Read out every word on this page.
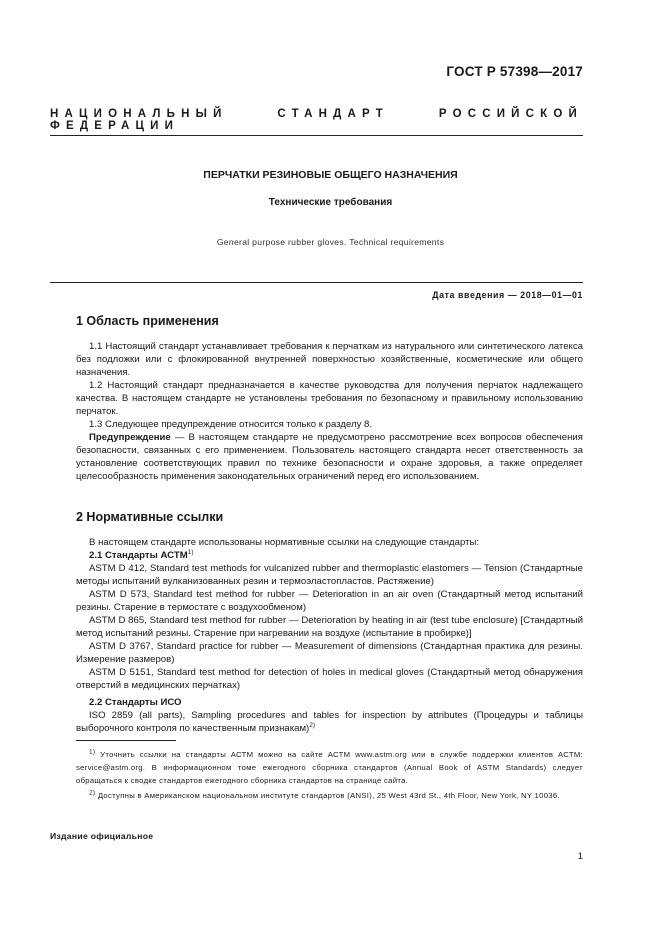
ГОСТ Р 57398—2017
НАЦИОНАЛЬНЫЙ	СТАНДАРТ	РОССИЙСКОЙ ФЕДЕРАЦИИ
ПЕРЧАТКИ РЕЗИНОВЫЕ ОБЩЕГО НАЗНАЧЕНИЯ
Технические требования
General purpose rubber gloves. Technical requirements
Дата введения — 2018—01—01
1 Область применения

1.1 Настоящий стандарт устанавливает требования к перчаткам из натурального или синтетического латекса без подложки или с флокированной внутренней поверхностью хозяйственные, косметические или общего назначения.

1.2 Настоящий стандарт предназначается в качестве руководства для получения перчаток надлежащего качества. В настоящем стандарте не установлены требования по безопасному и правильному использованию перчаток.

1.3 Следующее предупреждение относится только к разделу 8.

Предупреждение — В настоящем стандарте не предусмотрено рассмотрение всех вопросов обеспечения безопасности, связанных с его применением. Пользователь настоящего стандарта несет ответственность за установление соответствующих правил по технике безопасности и охране здоровья, а также определяет целесообразность применения законодательных ограничений перед его использованием.

2 Нормативные ссылки

В настоящем стандарте использованы нормативные ссылки на следующие стандарты:

2.1 Стандарты АСТМ$^{1)}$

ASTM D 412, Standard test methods for vulcanized rubber and thermoplastic elastomers — Tension (Стандартные методы испытаний вулканизованных резин и термоэластопластов. Растяжение)

ASTM D 573, Standard test method for rubber — Deterioration in an air oven (Стандартный метод испытаний резины. Старение в термостате с воздухообменом)

ASTM D 865, Standard test method for rubber — Deterioration by heating in air (test tube enclosure) [Стандартный метод испытаний резины. Старение при нагревании на воздухе (испытание в пробирке)]

ASTM D 3767, Standard practice for rubber — Measurement of dimensions (Стандартная практика для резины. Измерение размеров)

ASTM D 5151, Standard test method for detection of holes in medical gloves (Стандартный метод обнаружения отверстий в медицинских перчатках)

2.2 Стандарты ИСО

ISO 2859 (all parts), Sampling procedures and tables for inspection by attributes (Процедуры и таблицы выборочного контроля по качественным признакам)$^{2)}$

$^{1)}$ Уточнить ссылки на стандарты АСТМ можно на сайте АСТМ www.astm.org или в службе поддержки клиентов АСТМ: service@astm.org. В информационном томе ежегодного сборника стандартов (Annual Book of ASTM Standards) следует обращаться к сводке стандартов ежегодного сборника стандартов на странице сайта.

$^{2)}$ Доступны в Американском национальном институте стандартов (ANSI), 25 West 43rd St., 4th Floor, New York, NY 10036.

Издание официальное
1
